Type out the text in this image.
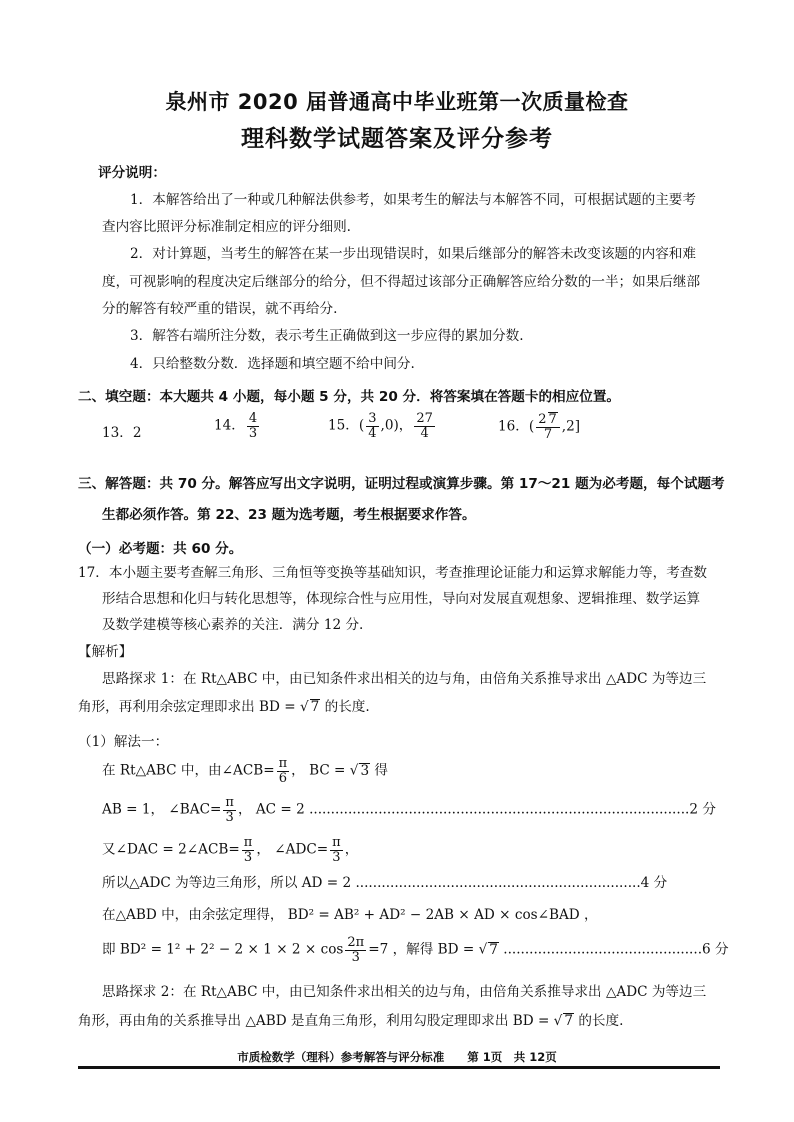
泉州市 2020 届普通高中毕业班第一次质量检查
理科数学试题答案及评分参考
评分说明：
1．本解答给出了一种或几种解法供参考，如果考生的解法与本解答不同，可根据试题的主要考
查内容比照评分标准制定相应的评分细则.
2．对计算题，当考生的解答在某一步出现错误时，如果后继部分的解答未改变该题的内容和难
度，可视影响的程度决定后继部分的给分，但不得超过该部分正确解答应给分数的一半；如果后继部
分的解答有较严重的错误，就不再给分.
3．解答右端所注分数，表示考生正确做到这一步应得的累加分数.
4．只给整数分数．选择题和填空题不给中间分.
二、填空题：本大题共 4 小题，每小题 5 分，共 20 分．将答案填在答题卡的相应位置。
13．2	14． $\frac{4}{3}$	15．( $\frac{3}{4} ,0$)， $\frac{27}{4}$	16．( $\frac{2 7}{7} ,2$]
三、解答题：共 70 分。解答应写出文字说明，证明过程或演算步骤。第 17～21 题为必考题，每个试题考
生都必须作答。第 22、23 题为选考题，考生根据要求作答。
（一）必考题：共 60 分。
17．本小题主要考查解三角形、三角恒等变换等基础知识，考查推理论证能力和运算求解能力等，考查数
形结合思想和化归与转化思想等，体现综合性与应用性，导向对发展直观想象、逻辑推理、数学运算
及数学建模等核心素养的关注．满分 12 分.
【解析】
思路探求 1：在 Rt△ABC 中，由已知条件求出相关的边与角，由倍角关系推导求出 △ADC 为等边三
角形，再利用余弦定理即求出 BD = √ 7 的长度.
（1）解法一：
在 Rt△ABC 中，由∠ACB= $\frac{\pi}{6}$ ， BC = √ 3 得
AB = 1， ∠BAC= $\frac{\pi}{3}$ ， AC = 2 ........................................................................................2 分
又∠DAC = 2∠ACB= $\frac{\pi}{3}$ ， ∠ADC= $\frac{\pi}{3}$ ，
所以△ADC 为等边三角形，所以 AD = 2 ..................................................................4 分
在△ABD 中，由余弦定理得， BD² = AB² + AD² − 2AB × AD × cos∠BAD ，
即 $BD^2 = 1^2 + 2^2 - 2 \times 1 \times 2 \times \cos \frac{2\pi}{3} =7$ ，解得 BD = √ 7 ..............................................6 分
思路探求 2：在 Rt△ABC 中，由已知条件求出相关的边与角，由倍角关系推导求出 △ADC 为等边三
角形，再由角的关系推导出 △ABD 是直角三角形，利用勾股定理即求出 BD = √ 7 的长度.
市质检数学（理科）参考解答与评分标准　　第 1页　共 12页
